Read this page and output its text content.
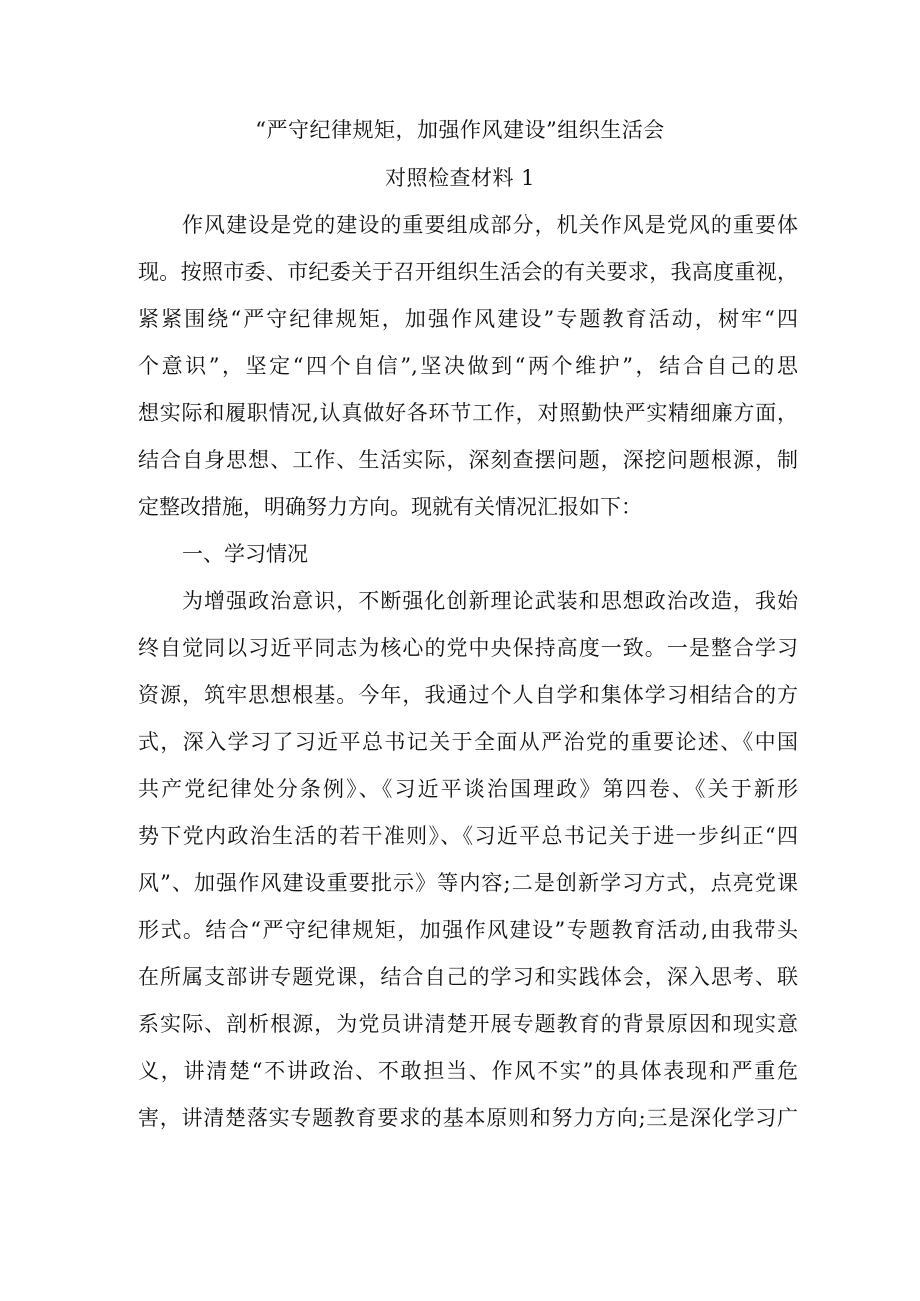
“严守纪律规矩，加强作风建设”组织生活会
对照检查材料 1
作风建设是党的建设的重要组成部分，机关作风是党风的重要体
现。按照市委、市纪委关于召开组织生活会的有关要求，我高度重视，
紧紧围绕“严守纪律规矩，加强作风建设”专题教育活动，树牢“四
个意识”，坚定“四个自信”,坚决做到“两个维护”，结合自己的思
想实际和履职情况,认真做好各环节工作，对照勤快严实精细廉方面，
结合自身思想、工作、生活实际，深刻查摆问题，深挖问题根源，制
定整改措施，明确努力方向。现就有关情况汇报如下：
一、学习情况
为增强政治意识，不断强化创新理论武装和思想政治改造，我始
终自觉同以习近平同志为核心的党中央保持高度一致。一是整合学习
资源，筑牢思想根基。今年，我通过个人自学和集体学习相结合的方
式，深入学习了习近平总书记关于全面从严治党的重要论述、《中国
共产党纪律处分条例》、《习近平谈治国理政》第四卷、《关于新形
势下党内政治生活的若干准则》、《习近平总书记关于进一步纠正“四
风”、加强作风建设重要批示》等内容;二是创新学习方式，点亮党课
形式。结合“严守纪律规矩，加强作风建设”专题教育活动,由我带头
在所属支部讲专题党课，结合自己的学习和实践体会，深入思考、联
系实际、剖析根源，为党员讲清楚开展专题教育的背景原因和现实意
义，讲清楚“不讲政治、不敢担当、作风不实”的具体表现和严重危
害，讲清楚落实专题教育要求的基本原则和努力方向;三是深化学习广
